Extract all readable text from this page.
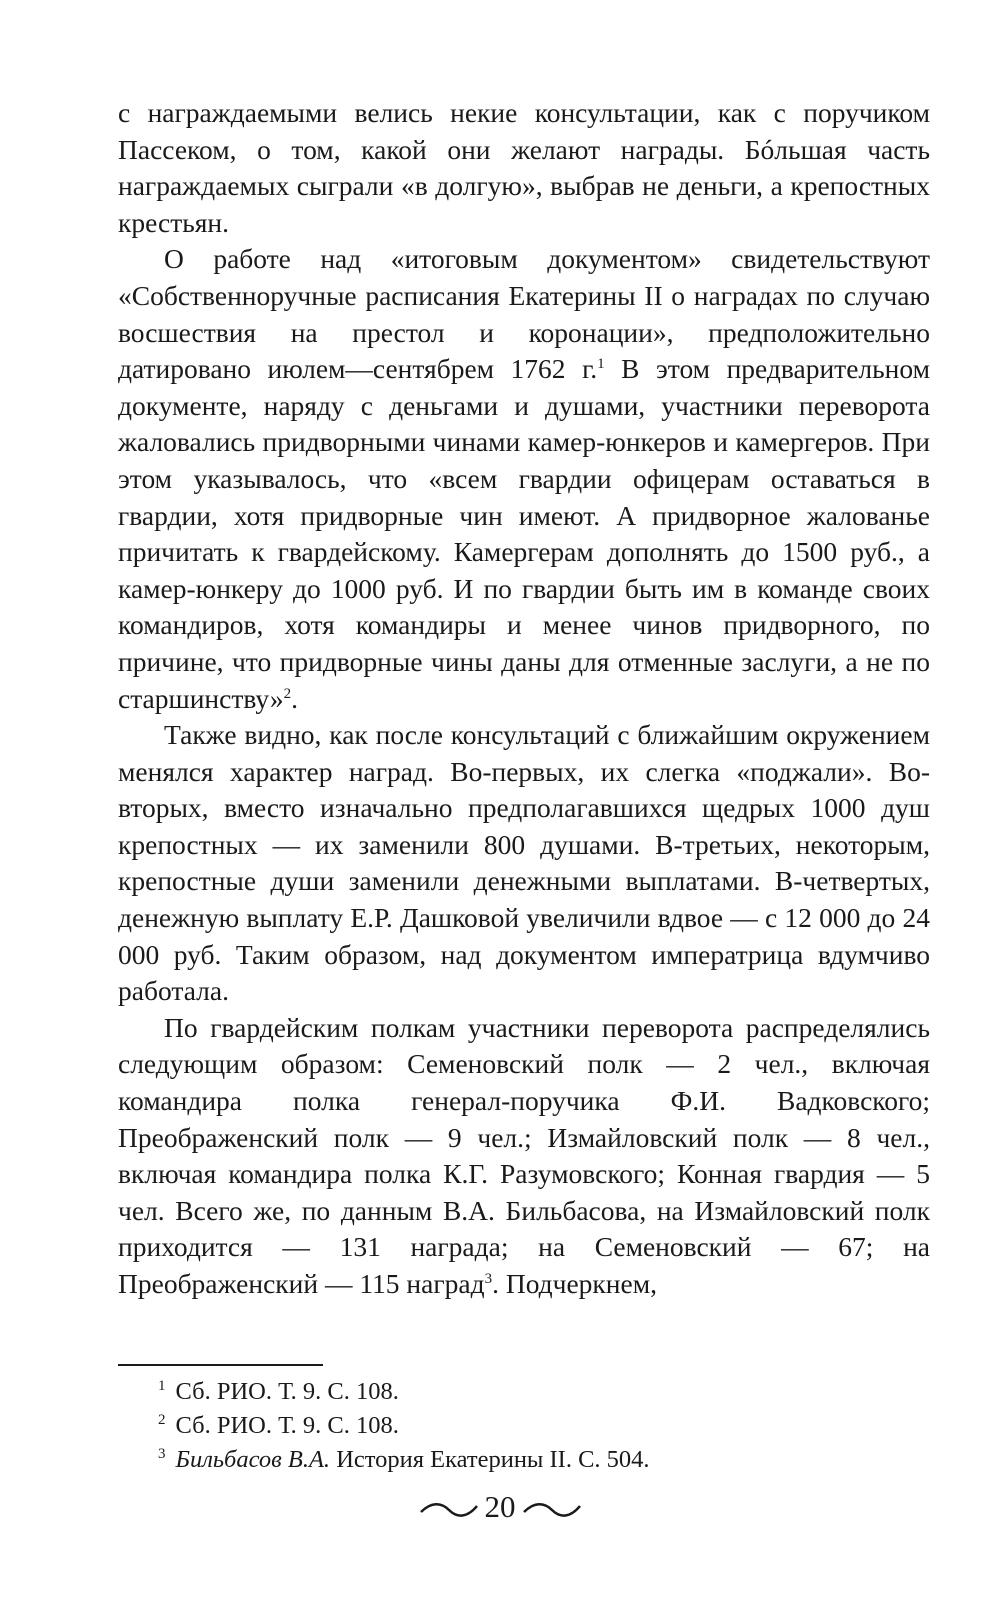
с награждаемыми велись некие консультации, как с поручиком Пассеком, о том, какой они желают награды. Бóльшая часть награждаемых сыграли «в долгую», выбрав не деньги, а крепостных крестьян.

О работе над «итоговым документом» свидетельствуют «Собственноручные расписания Екатерины II о наградах по случаю восшествия на престол и коронации», предположительно датировано июлем—сентябрем 1762 г.$^1$ В этом предварительном документе, наряду с деньгами и душами, участники переворота жаловались придворными чинами камер-юнкеров и камергеров. При этом указывалось, что «всем гвардии офицерам оставаться в гвардии, хотя придворные чин имеют. А придворное жалованье причитать к гвардейскому. Камергерам дополнять до 1500 руб., а камер-юнкеру до 1000 руб. И по гвардии быть им в команде своих командиров, хотя командиры и менее чинов придворного, по причине, что придворные чины даны для отменные заслуги, а не по старшинству»$^2$.

Также видно, как после консультаций с ближайшим окружением менялся характер наград. Во-первых, их слегка «поджали». Во-вторых, вместо изначально предполагавшихся щедрых 1000 душ крепостных — их заменили 800 душами. В-третьих, некоторым, крепостные души заменили денежными выплатами. В-четвертых, денежную выплату Е.Р. Дашковой увеличили вдвое — с 12 000 до 24 000 руб. Таким образом, над документом императрица вдумчиво работала.

По гвардейским полкам участники переворота распределялись следующим образом: Семеновский полк — 2 чел., включая командира полка генерал-поручика Ф.И. Вадковского; Преображенский полк — 9 чел.; Измайловский полк — 8 чел., включая командира полка К.Г. Разумовского; Конная гвардия — 5 чел. Всего же, по данным В.А. Бильбасова, на Измайловский полк приходится — 131 награда; на Семеновский — 67; на Преображенский — 115 наград$^3$. Подчеркнем,

$^1$ Сб. РИО. Т. 9. С. 108.

$^2$ Сб. РИО. Т. 9. С. 108.

$^3$ Бильбасов В.А. История Екатерины II. С. 504.

20
